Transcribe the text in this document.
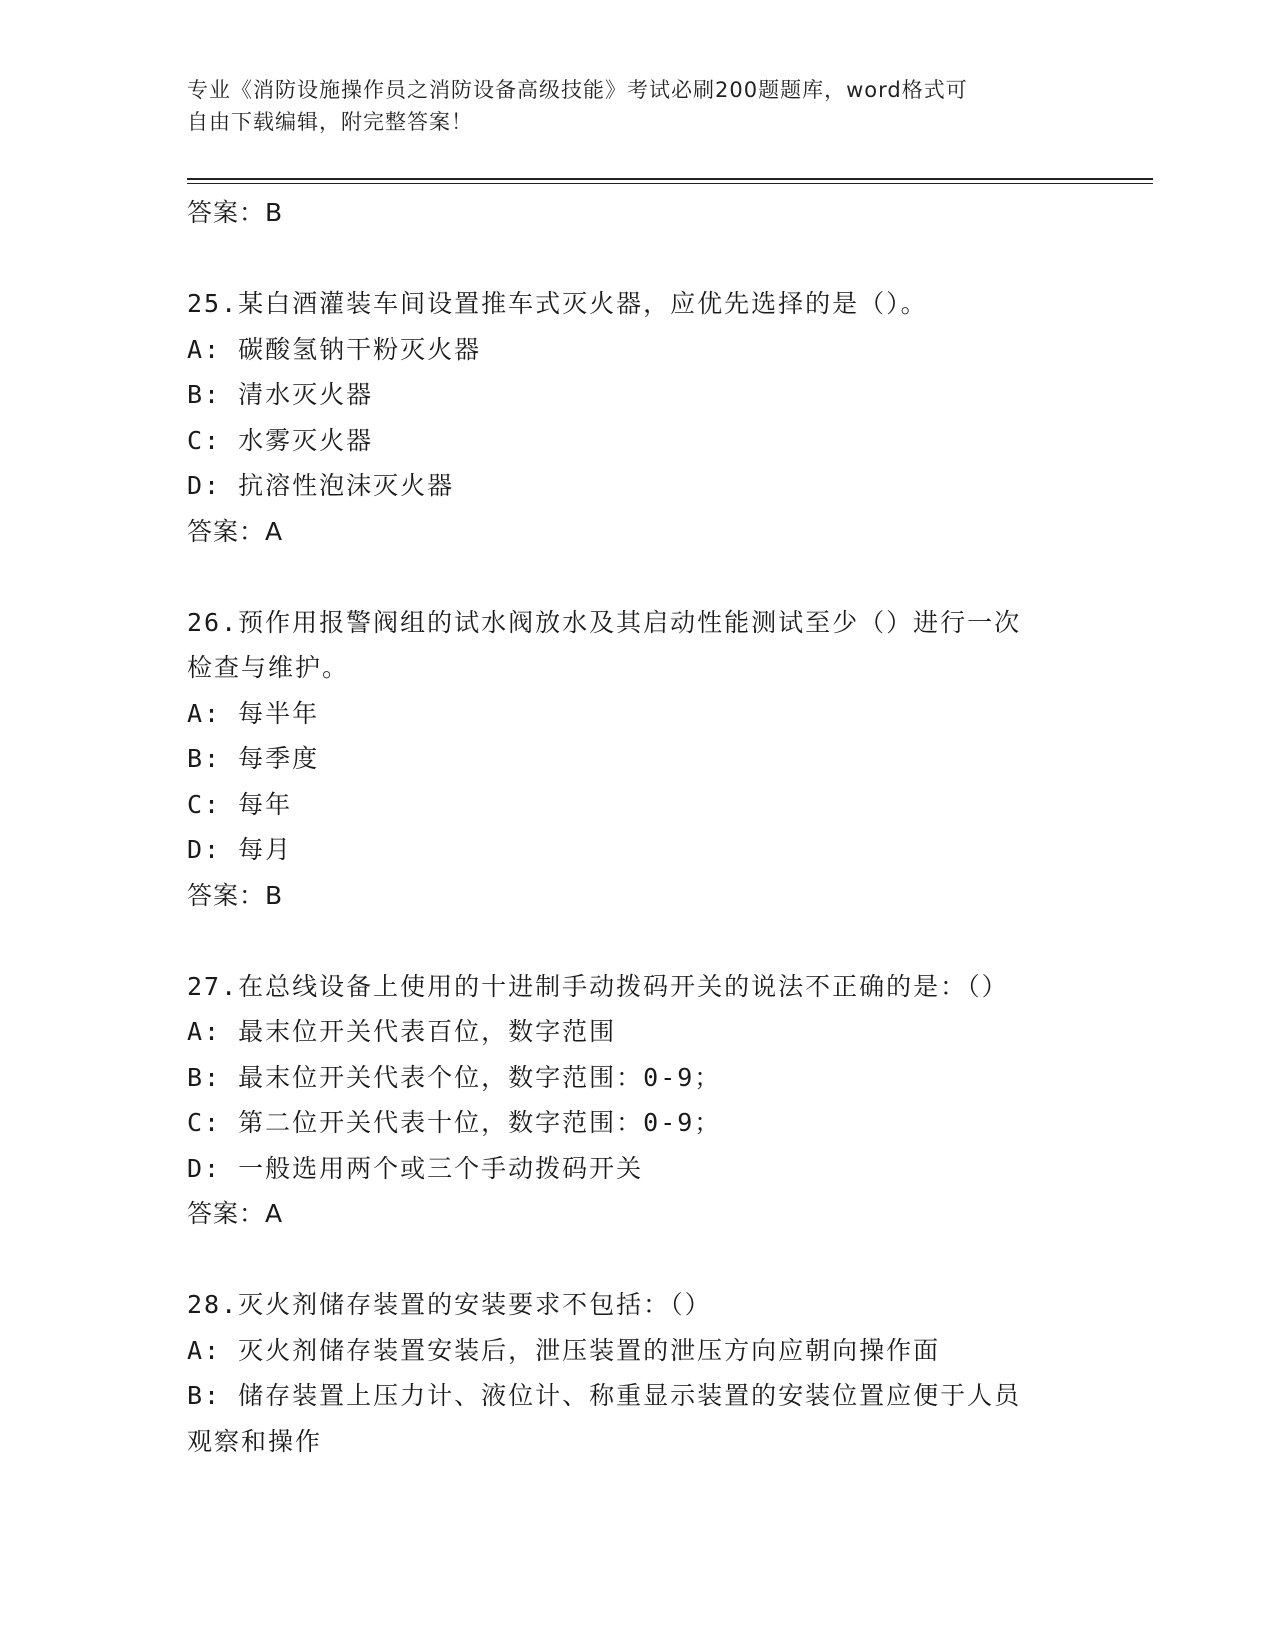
专业《消防设施操作员之消防设备高级技能》考试必刷200题题库，word格式可
自由下载编辑，附完整答案！
答案：B
25.某白酒灌装车间设置推车式灭火器，应优先选择的是（）。
A: 碳酸氢钠干粉灭火器
B: 清水灭火器
C: 水雾灭火器
D: 抗溶性泡沫灭火器
答案：A
26.预作用报警阀组的试水阀放水及其启动性能测试至少（）进行一次
检查与维护。
A: 每半年
B: 每季度
C: 每年
D: 每月
答案：B
27.在总线设备上使用的十进制手动拨码开关的说法不正确的是：（）
A: 最末位开关代表百位，数字范围
B: 最末位开关代表个位，数字范围：0-9；
C: 第二位开关代表十位，数字范围：0-9；
D: 一般选用两个或三个手动拨码开关
答案：A
28.灭火剂储存装置的安装要求不包括：（）
A: 灭火剂储存装置安装后，泄压装置的泄压方向应朝向操作面
B: 储存装置上压力计、液位计、称重显示装置的安装位置应便于人员
观察和操作
